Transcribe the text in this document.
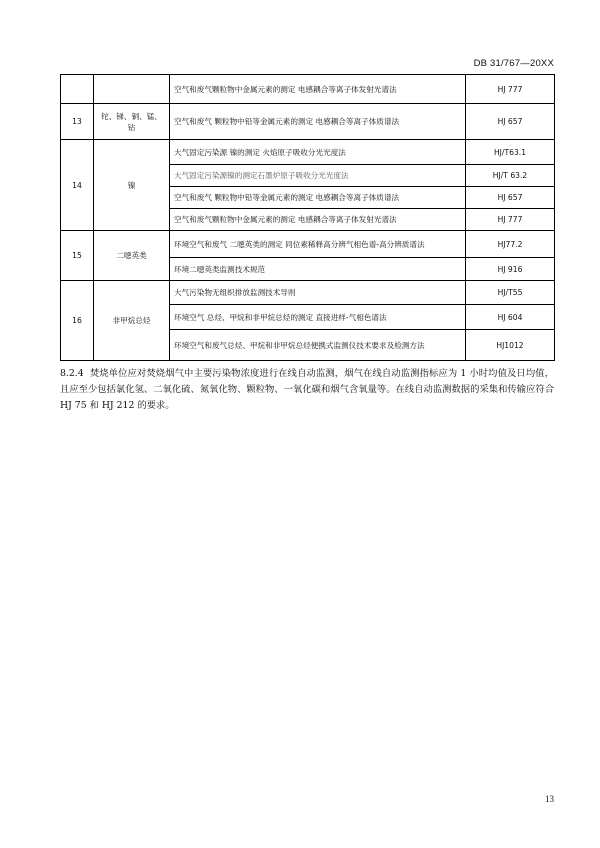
DB 31/767—20XX
		空气和废气颗粒物中金属元素的测定 电感耦合等离子体发射光谱法	HJ 777
13	铊、锑、铜、锰、钴	空气和废气 颗粒物中铅等金属元素的测定 电感耦合等离子体质谱法	HJ 657
14	镍	大气固定污染源 镍的测定 火焰原子吸收分光光度法	HJ/T63.1
		大气固定污染源镍的测定石墨炉原子吸收分光光度法	HJ/T 63.2
		空气和废气 颗粒物中铅等金属元素的测定 电感耦合等离子体质谱法	HJ 657
		空气和废气颗粒物中金属元素的测定 电感耦合等离子体发射光谱法	HJ 777
15	二噁英类	环境空气和废气 二噁英类的测定 同位素稀释高分辨气相色谱-高分辨质谱法	HJ77.2
		环境二噁英类监测技术规范	HJ 916
16	非甲烷总烃	大气污染物无组织排放监测技术导则	HJ/T55
		环境空气 总烃、甲烷和非甲烷总烃的测定 直接进样-气相色谱法	HJ 604
		环境空气和废气总烃、甲烷和非甲烷总烃便携式监测仪技术要求及检测方法	HJ1012
8.2.4 焚烧单位应对焚烧烟气中主要污染物浓度进行在线自动监测，烟气在线自动监测指标应为 1 小时均值及日均值，且应至少包括氯化氢、二氧化硫、氮氧化物、颗粒物、一氧化碳和烟气含氧量等。在线自动监测数据的采集和传输应符合 HJ 75 和 HJ 212 的要求。
13
